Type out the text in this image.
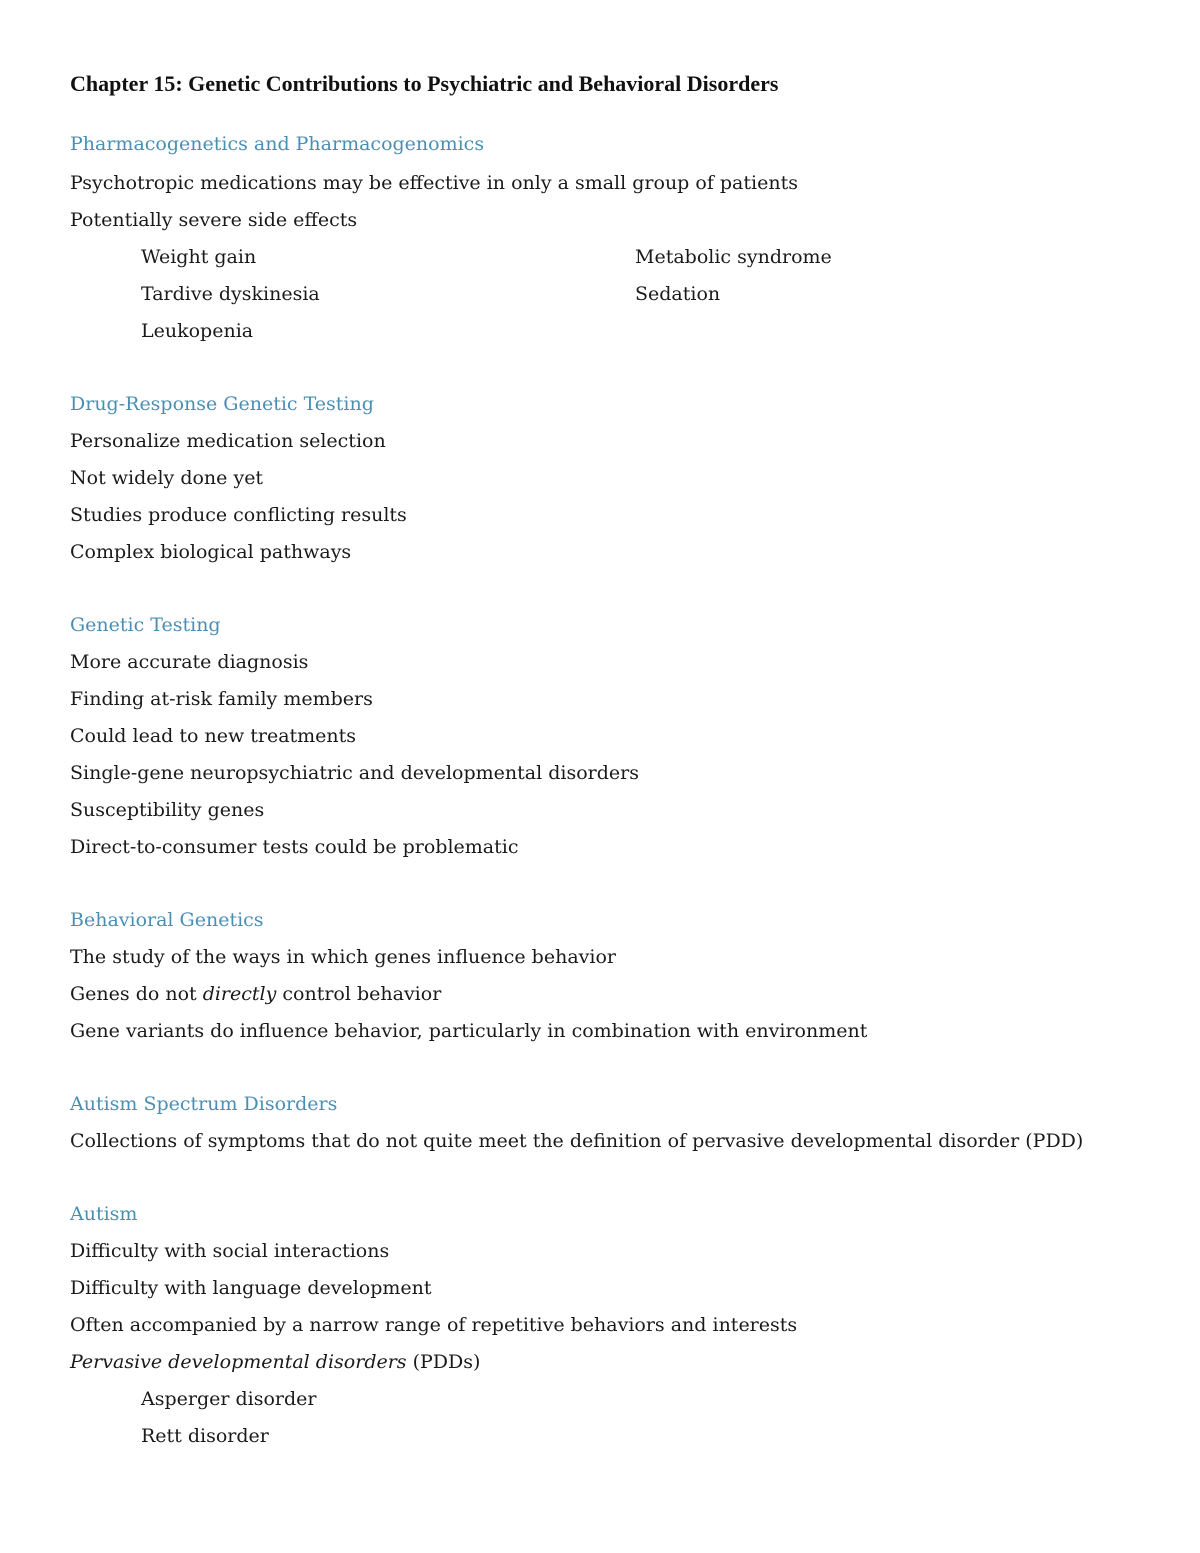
Chapter 15: Genetic Contributions to Psychiatric and Behavioral Disorders
Pharmacogenetics and Pharmacogenomics
Psychotropic medications may be effective in only a small group of patients
Potentially severe side effects
Weight gain
Tardive dyskinesia
Leukopenia
Metabolic syndrome
Sedation
Drug-Response Genetic Testing
Personalize medication selection
Not widely done yet
Studies produce conflicting results
Complex biological pathways
Genetic Testing
More accurate diagnosis
Finding at-risk family members
Could lead to new treatments
Single-gene neuropsychiatric and developmental disorders
Susceptibility genes
Direct-to-consumer tests could be problematic
Behavioral Genetics
The study of the ways in which genes influence behavior
Genes do not directly control behavior
Gene variants do influence behavior, particularly in combination with environment
Autism Spectrum Disorders
Collections of symptoms that do not quite meet the definition of pervasive developmental disorder (PDD)
Autism
Difficulty with social interactions
Difficulty with language development
Often accompanied by a narrow range of repetitive behaviors and interests
Pervasive developmental disorders (PDDs)
Asperger disorder
Rett disorder
